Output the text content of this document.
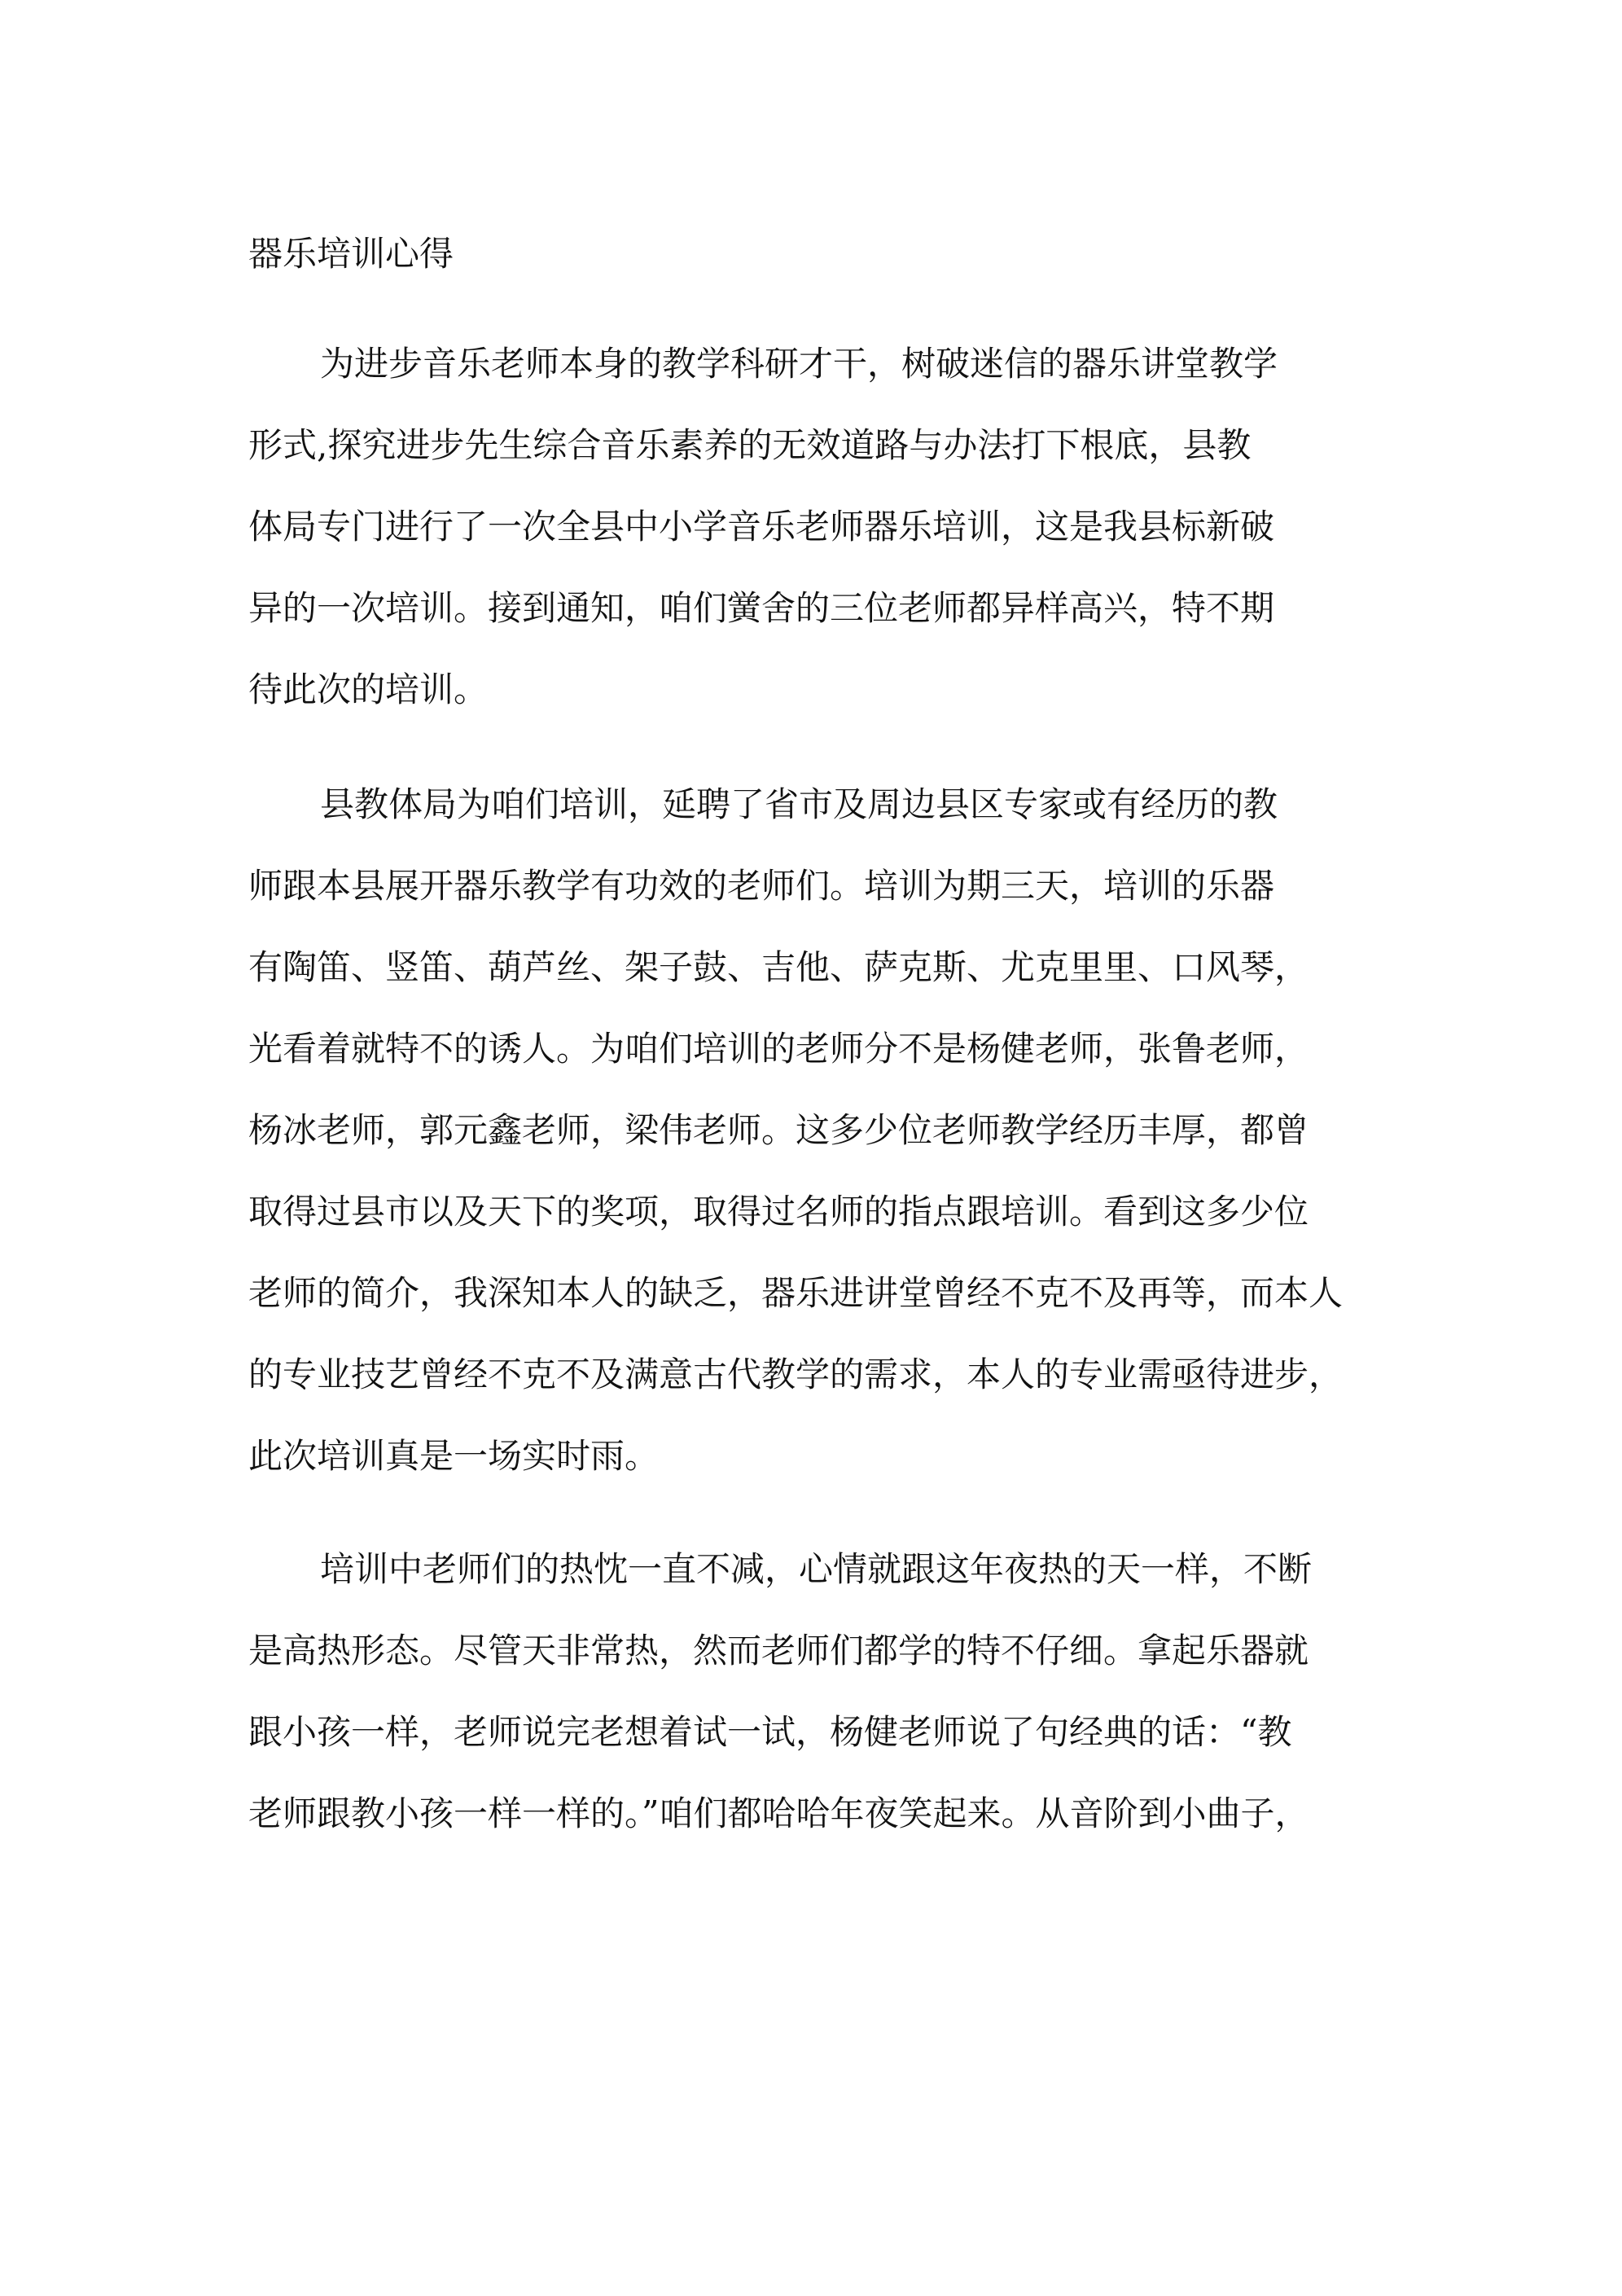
器乐培训心得
为进步音乐老师本身的教学科研才干，树破迷信的器乐讲堂教学
形式,探究进步先生综合音乐素养的无效道路与办法打下根底，县教
体局专门进行了一次全县中小学音乐老师器乐培训，这是我县标新破
异的一次培训。接到通知，咱们黉舍的三位老师都异样高兴，特不期
待此次的培训。
县教体局为咱们培训，延聘了省市及周边县区专家或有经历的教
师跟本县展开器乐教学有功效的老师们。培训为期三天，培训的乐器
有陶笛、竖笛、葫芦丝、架子鼓、吉他、萨克斯、尤克里里、口风琴，
光看着就特不的诱人。为咱们培训的老师分不是杨健老师，张鲁老师，
杨冰老师，郭元鑫老师，梁伟老师。这多少位老师教学经历丰厚，都曾
取得过县市以及天下的奖项，取得过名师的指点跟培训。看到这多少位
老师的简介，我深知本人的缺乏，器乐进讲堂曾经不克不及再等，而本人
的专业技艺曾经不克不及满意古代教学的需求，本人的专业需亟待进步，
此次培训真是一场实时雨。
培训中老师们的热忱一直不减，心情就跟这年夜热的天一样，不断
是高热形态。尽管天非常热，然而老师们都学的特不仔细。拿起乐器就
跟小孩一样，老师说完老想着试一试，杨健老师说了句经典的话：“教
老师跟教小孩一样一样的。”咱们都哈哈年夜笑起来。从音阶到小曲子，
